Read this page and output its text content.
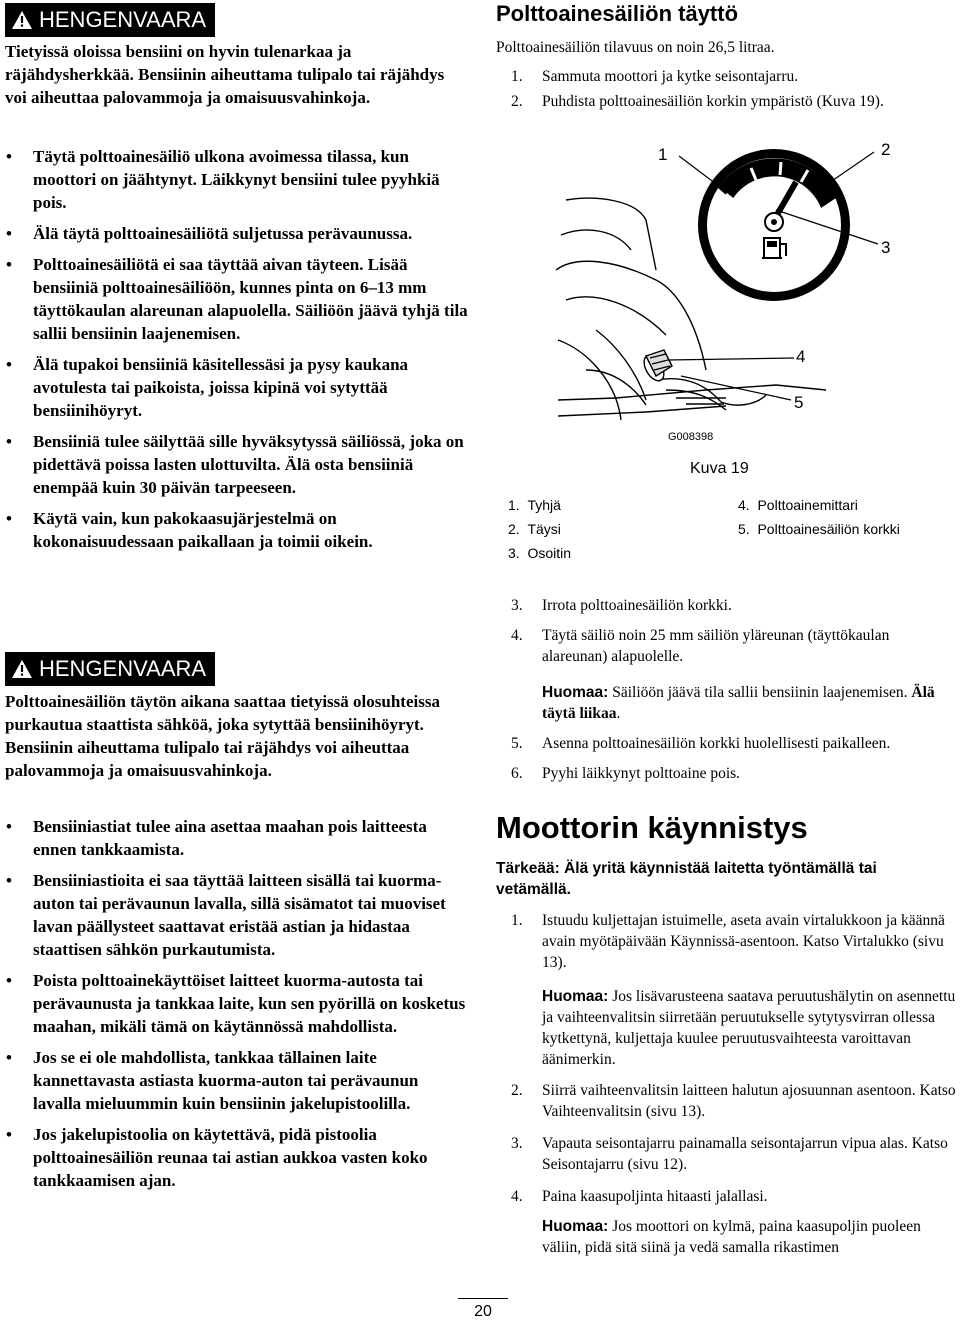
HENGENVAARA

Tietyissä oloissa bensiini on hyvin tulenarkaa ja räjähdysherkkää. Bensiinin aiheuttama tulipalo tai räjähdys voi aiheuttaa palovammoja ja omaisuusvahinkoja.

• Täytä polttoainesäiliö ulkona avoimessa tilassa, kun moottori on jäähtynyt. Läikkynyt bensiini tulee pyyhkiä pois.
• Älä täytä polttoainesäiliötä suljetussa perävaunussa.
• Polttoainesäiliötä ei saa täyttää aivan täyteen. Lisää bensiiniä polttoainesäiliöön, kunnes pinta on 6–13 mm täyttökaulan alareunan alapuolella. Säiliöön jäävä tyhjä tila sallii bensiinin laajenemisen.
• Älä tupakoi bensiiniä käsitellessäsi ja pysy kaukana avotulesta tai paikoista, joissa kipinä voi sytyttää bensiinihöyryt.
• Bensiiniä tulee säilyttää sille hyväksytyssä säiliössä, joka on pidettävä poissa lasten ulottuvilta. Älä osta bensiiniä enempää kuin 30 päivän tarpeeseen.
• Käytä vain, kun pakokaasujärjestelmä on kokonaisuudessaan paikallaan ja toimii oikein.
HENGENVAARA

Polttoainesäiliön täytön aikana saattaa tietyissä olosuhteissa purkautua staattista sähköä, joka sytyttää bensiinihöyryt. Bensiinin aiheuttama tulipalo tai räjähdys voi aiheuttaa palovammoja ja omaisuusvahinkoja.

• Bensiiniastiat tulee aina asettaa maahan pois laitteesta ennen tankkaamista.
• Bensiiniastioita ei saa täyttää laitteen sisällä tai kuorma-auton tai perävaunun lavalla, sillä sisämatot tai muoviset lavan päällysteet saattavat eristää astian ja hidastaa staattisen sähkön purkautumista.
• Poista polttoainekäyttöiset laitteet kuorma-autosta tai perävaunusta ja tankkaa laite, kun sen pyörillä on kosketus maahan, mikäli tämä on käytännössä mahdollista.
• Jos se ei ole mahdollista, tankkaa tällainen laite kannettavasta astiasta kuorma-auton tai perävaunun lavalla mieluummin kuin bensiinin jakelupistoolilla.
• Jos jakelupistoolia on käytettävä, pidä pistoolia polttoainesäiliön reunaa tai astian aukkoa vasten koko tankkaamisen ajan.
Polttoainesäiliön täyttö

Polttoainesäiliön tilavuus on noin 26,5 litraa.

1. Sammuta moottori ja kytke seisontajarru.
2. Puhdista polttoainesäiliön korkin ympäristö (Kuva 19).
1	2
3
4
5
G008398
Kuva 19
1. Tyhjä
2. Täysi
3. Osoitin
4. Polttoainemittari
5. Polttoainesäiliön korkki
3. Irrota polttoainesäiliön korkki.
4. Täytä säiliö noin 25 mm säiliön yläreunan (täyttökaulan alareunan) alapuolelle.
Huomaa: Säiliöön jäävä tila sallii bensiinin laajenemisen. Älä täytä liikaa.
5. Asenna polttoainesäiliön korkki huolellisesti paikalleen.
6. Pyyhi läikkynyt polttoaine pois.
Moottorin käynnistys
Tärkeää: Älä yritä käynnistää laitetta työntämällä tai vetämällä.
1. Istuudu kuljettajan istuimelle, aseta avain virtalukkoon ja käännä avain myötäpäivään Käynnissä-asentoon. Katso Virtalukko (sivu 13).
Huomaa: Jos lisävarusteena saatava peruutushälytin on asennettu ja vaihteenvalitsin siirretään peruutukselle sytytysvirran ollessa kytkettynä, kuljettaja kuulee peruutusvaihteesta varoittavan äänimerkin.
2. Siirrä vaihteenvalitsin laitteen halutun ajosuunnan asentoon. Katso Vaihteenvalitsin (sivu 13).
3. Vapauta seisontajarru painamalla seisontajarrun vipua alas. Katso Seisontajarru (sivu 12).
4. Paina kaasupoljinta hitaasti jalallasi.
Huomaa: Jos moottori on kylmä, paina kaasupoljin puoleen väliin, pidä sitä siinä ja vedä samalla rikastimen
20
